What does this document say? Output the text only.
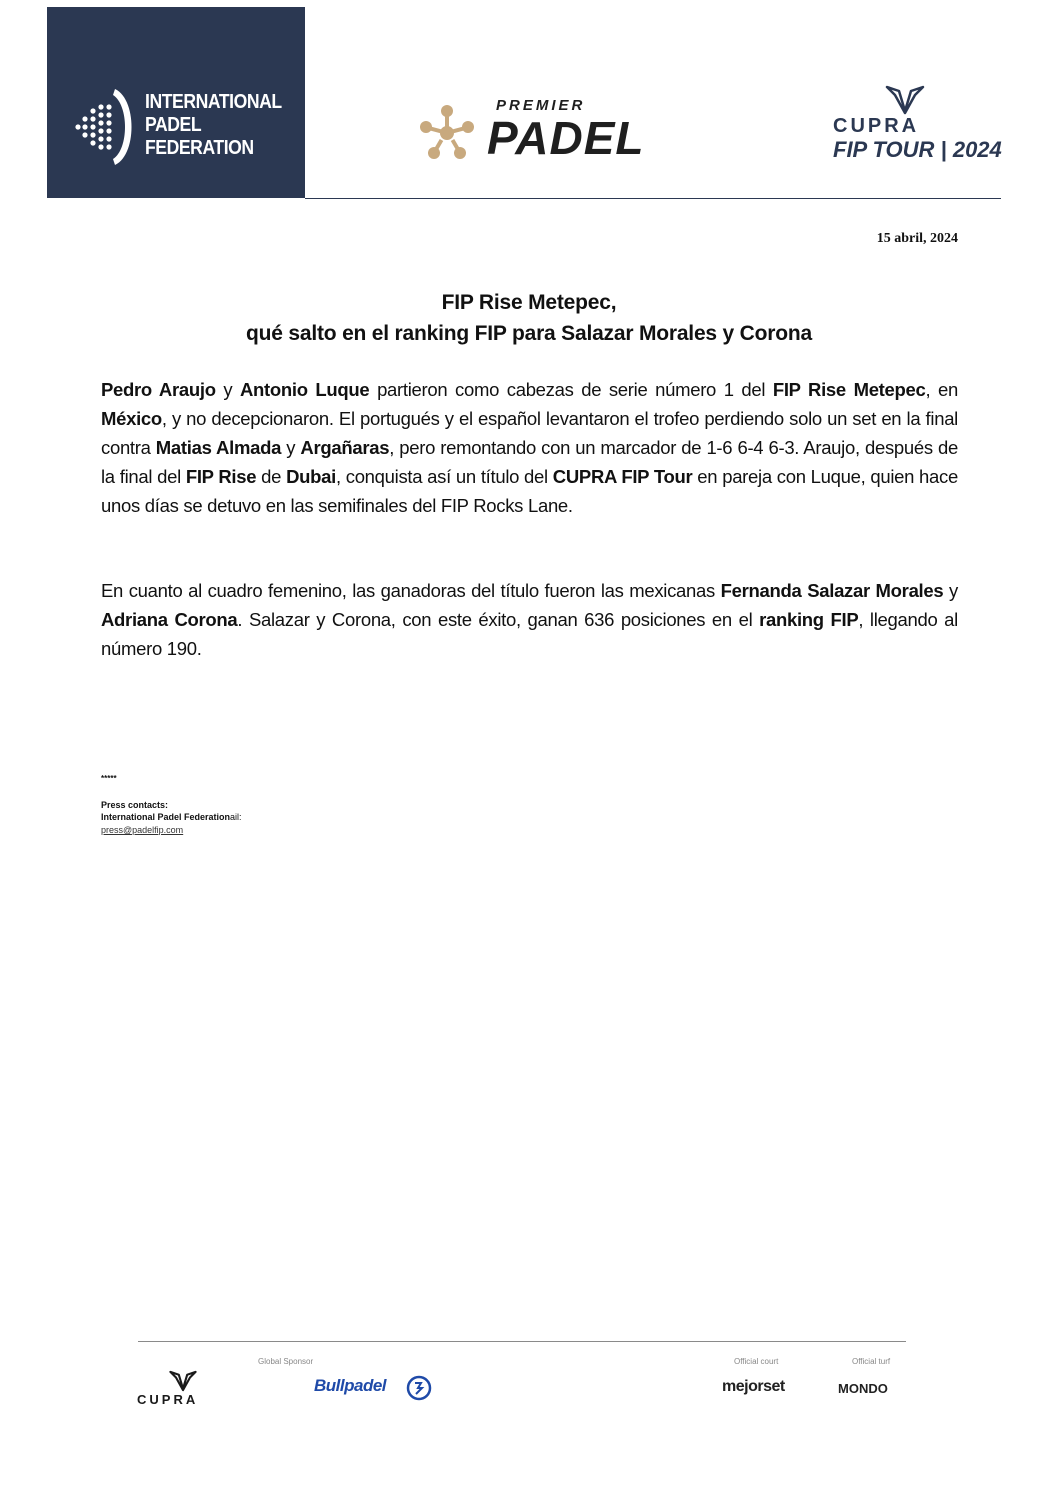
INTERNATIONAL
PADEL
FEDERATION
PREMIER
PADEL	CUPRA
FIP TOUR | 2024
15 abril, 2024
FIP Rise Metepec,
qué salto en el ranking FIP para Salazar Morales y Corona
Pedro Araujo y Antonio Luque partieron como cabezas de serie número 1 del FIP Rise Metepec, en México, y no decepcionaron. El portugués y el español levantaron el trofeo perdiendo solo un set en la final contra Matias Almada y Argañaras, pero remontando con un marcador de 1-6 6-4 6-3. Araujo, después de la final del FIP Rise de Dubai, conquista así un título del CUPRA FIP Tour en pareja con Luque, quien hace unos días se detuvo en las semifinales del FIP Rocks Lane.
En cuanto al cuadro femenino, las ganadoras del título fueron las mexicanas Fernanda Salazar Morales y Adriana Corona. Salazar y Corona, con este éxito, ganan 636 posiciones en el ranking FIP, llegando al número 190.
*****
Press contacts:
International Padel Federationail:
press@padelfip.com
Global Sponsor	Official court	Official turf
CUPRA
Bullpadel	mejorset	MONDO
